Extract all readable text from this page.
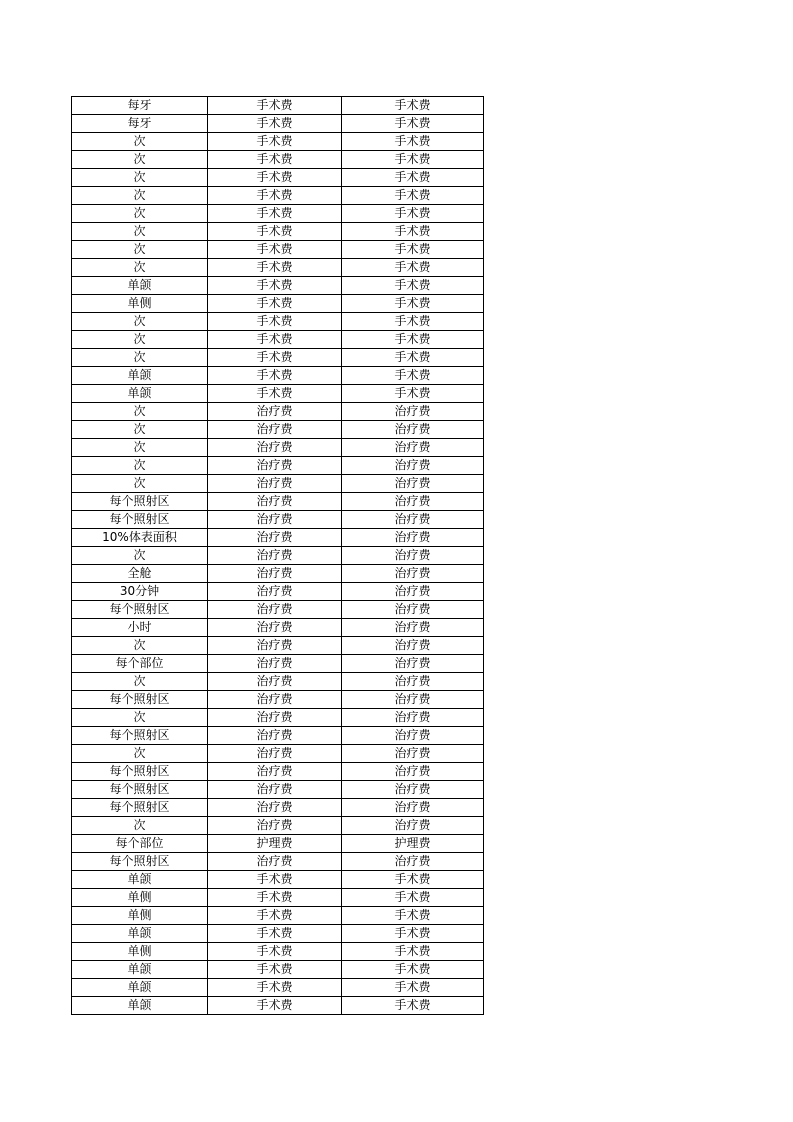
每牙	手术费	手术费
每牙	手术费	手术费
次	手术费	手术费
次	手术费	手术费
次	手术费	手术费
次	手术费	手术费
次	手术费	手术费
次	手术费	手术费
次	手术费	手术费
次	手术费	手术费
单颌	手术费	手术费
单侧	手术费	手术费
次	手术费	手术费
次	手术费	手术费
次	手术费	手术费
单颌	手术费	手术费
单颌	手术费	手术费
次	治疗费	治疗费
次	治疗费	治疗费
次	治疗费	治疗费
次	治疗费	治疗费
次	治疗费	治疗费
每个照射区	治疗费	治疗费
每个照射区	治疗费	治疗费
10%体表面积	治疗费	治疗费
次	治疗费	治疗费
全舱	治疗费	治疗费
30分钟	治疗费	治疗费
每个照射区	治疗费	治疗费
小时	治疗费	治疗费
次	治疗费	治疗费
每个部位	治疗费	治疗费
次	治疗费	治疗费
每个照射区	治疗费	治疗费
次	治疗费	治疗费
每个照射区	治疗费	治疗费
次	治疗费	治疗费
每个照射区	治疗费	治疗费
每个照射区	治疗费	治疗费
每个照射区	治疗费	治疗费
次	治疗费	治疗费
每个部位	护理费	护理费
每个照射区	治疗费	治疗费
单颌	手术费	手术费
单侧	手术费	手术费
单侧	手术费	手术费
单颌	手术费	手术费
单侧	手术费	手术费
单颌	手术费	手术费
单颌	手术费	手术费
单颌	手术费	手术费
